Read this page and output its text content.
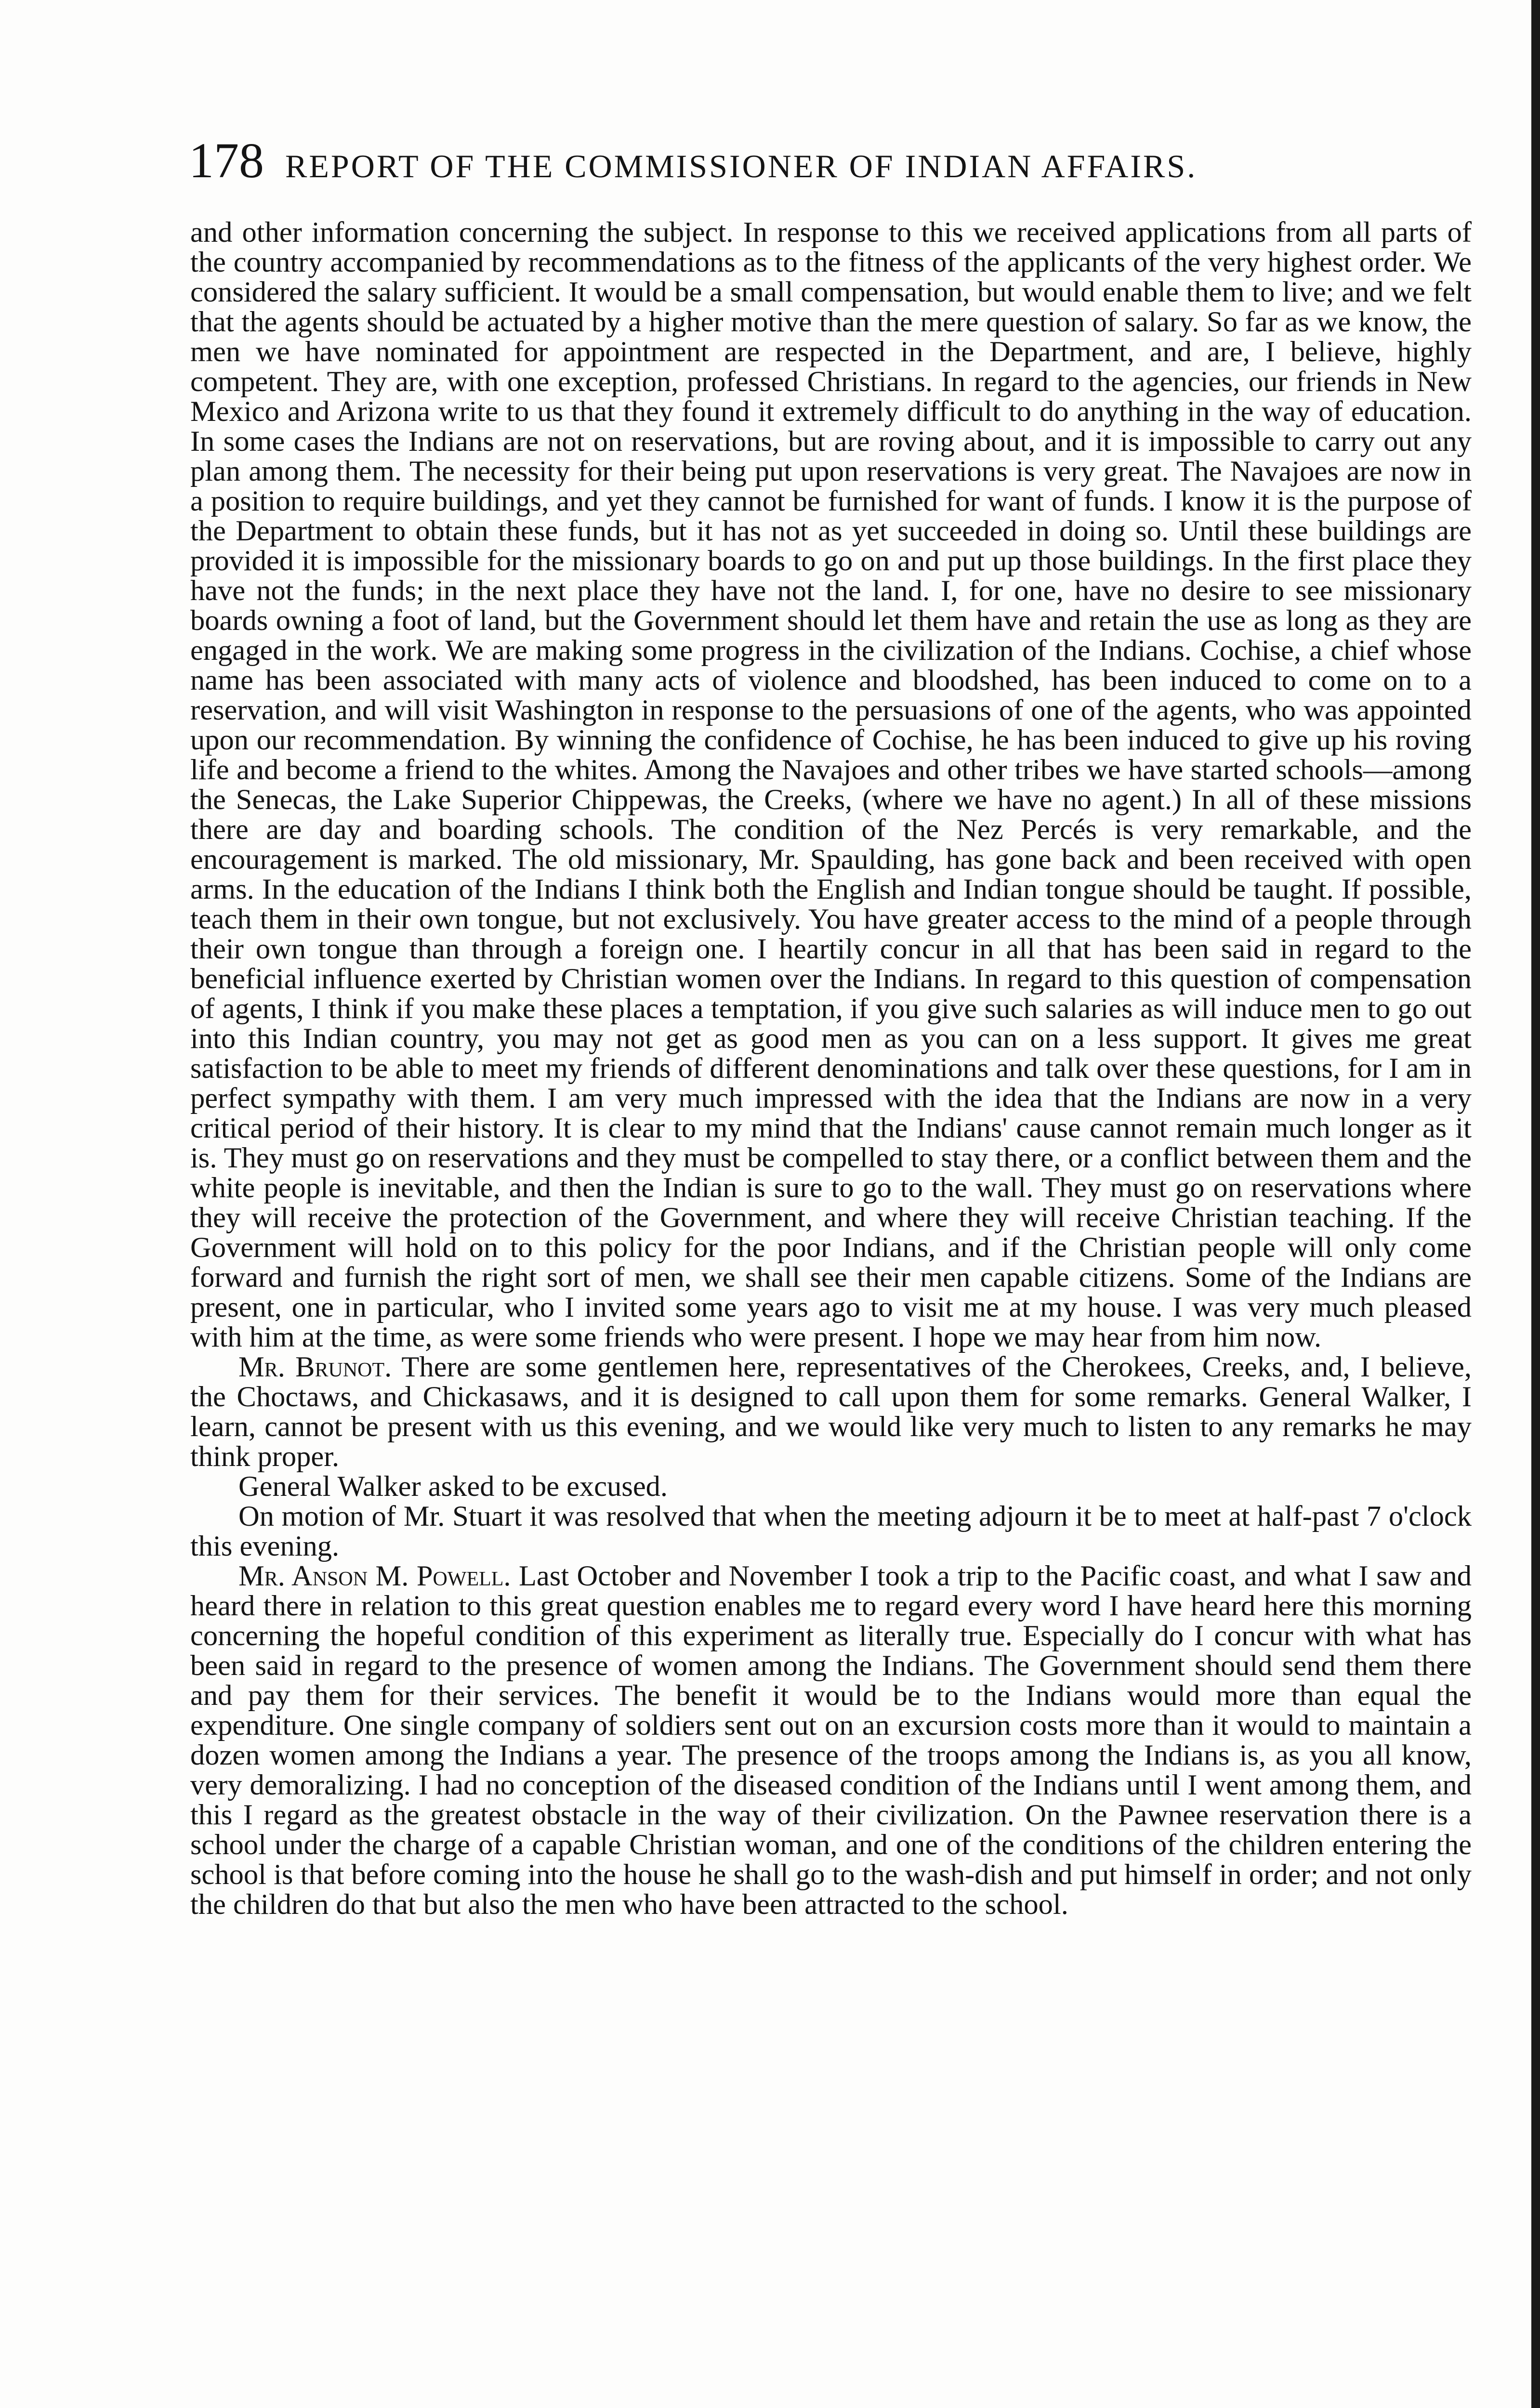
178 REPORT OF THE COMMISSIONER OF INDIAN AFFAIRS.

and other information concerning the subject. In response to this we received applications from all parts of the country accompanied by recommendations as to the fitness of the applicants of the very highest order. We considered the salary sufficient. It would be a small compensation, but would enable them to live; and we felt that the agents should be actuated by a higher motive than the mere question of salary. So far as we know, the men we have nominated for appointment are respected in the Department, and are, I believe, highly competent. They are, with one exception, professed Christians. In regard to the agencies, our friends in New Mexico and Arizona write to us that they found it extremely difficult to do anything in the way of education. In some cases the Indians are not on reservations, but are roving about, and it is impossible to carry out any plan among them. The necessity for their being put upon reservations is very great. The Navajoes are now in a position to require buildings, and yet they cannot be furnished for want of funds. I know it is the purpose of the Department to obtain these funds, but it has not as yet succeeded in doing so. Until these buildings are provided it is impossible for the missionary boards to go on and put up those buildings. In the first place they have not the funds; in the next place they have not the land. I, for one, have no desire to see missionary boards owning a foot of land, but the Government should let them have and retain the use as long as they are engaged in the work. We are making some progress in the civilization of the Indians. Cochise, a chief whose name has been associated with many acts of violence and bloodshed, has been induced to come on to a reservation, and will visit Washington in response to the persuasions of one of the agents, who was appointed upon our recommendation. By winning the confidence of Cochise, he has been induced to give up his roving life and become a friend to the whites. Among the Navajoes and other tribes we have started schools—among the Senecas, the Lake Superior Chippewas, the Creeks, (where we have no agent.) In all of these missions there are day and boarding schools. The condition of the Nez Percés is very remarkable, and the encouragement is marked. The old missionary, Mr. Spaulding, has gone back and been received with open arms. In the education of the Indians I think both the English and Indian tongue should be taught. If possible, teach them in their own tongue, but not exclusively. You have greater access to the mind of a people through their own tongue than through a foreign one. I heartily concur in all that has been said in regard to the beneficial influence exerted by Christian women over the Indians. In regard to this question of compensation of agents, I think if you make these places a temptation, if you give such salaries as will induce men to go out into this Indian country, you may not get as good men as you can on a less support. It gives me great satisfaction to be able to meet my friends of different denominations and talk over these questions, for I am in perfect sympathy with them. I am very much impressed with the idea that the Indians are now in a very critical period of their history. It is clear to my mind that the Indians' cause cannot remain much longer as it is. They must go on reservations and they must be compelled to stay there, or a conflict between them and the white people is inevitable, and then the Indian is sure to go to the wall. They must go on reservations where they will receive the protection of the Government, and where they will receive Christian teaching. If the Government will hold on to this policy for the poor Indians, and if the Christian people will only come forward and furnish the right sort of men, we shall see their men capable citizens. Some of the Indians are present, one in particular, who I invited some years ago to visit me at my house. I was very much pleased with him at the time, as were some friends who were present. I hope we may hear from him now.

Mr. Brunot. There are some gentlemen here, representatives of the Cherokees, Creeks, and, I believe, the Choctaws, and Chickasaws, and it is designed to call upon them for some remarks. General Walker, I learn, cannot be present with us this evening, and we would like very much to listen to any remarks he may think proper.

General Walker asked to be excused.

On motion of Mr. Stuart it was resolved that when the meeting adjourn it be to meet at half-past 7 o'clock this evening.

Mr. Anson M. Powell. Last October and November I took a trip to the Pacific coast, and what I saw and heard there in relation to this great question enables me to regard every word I have heard here this morning concerning the hopeful condition of this experiment as literally true. Especially do I concur with what has been said in regard to the presence of women among the Indians. The Government should send them there and pay them for their services. The benefit it would be to the Indians would more than equal the expenditure. One single company of soldiers sent out on an excursion costs more than it would to maintain a dozen women among the Indians a year. The presence of the troops among the Indians is, as you all know, very demoralizing. I had no conception of the diseased condition of the Indians until I went among them, and this I regard as the greatest obstacle in the way of their civilization. On the Pawnee reservation there is a school under the charge of a capable Christian woman, and one of the conditions of the children entering the school is that before coming into the house he shall go to the wash-dish and put himself in order; and not only the children do that but also the men who have been attracted to the school.
